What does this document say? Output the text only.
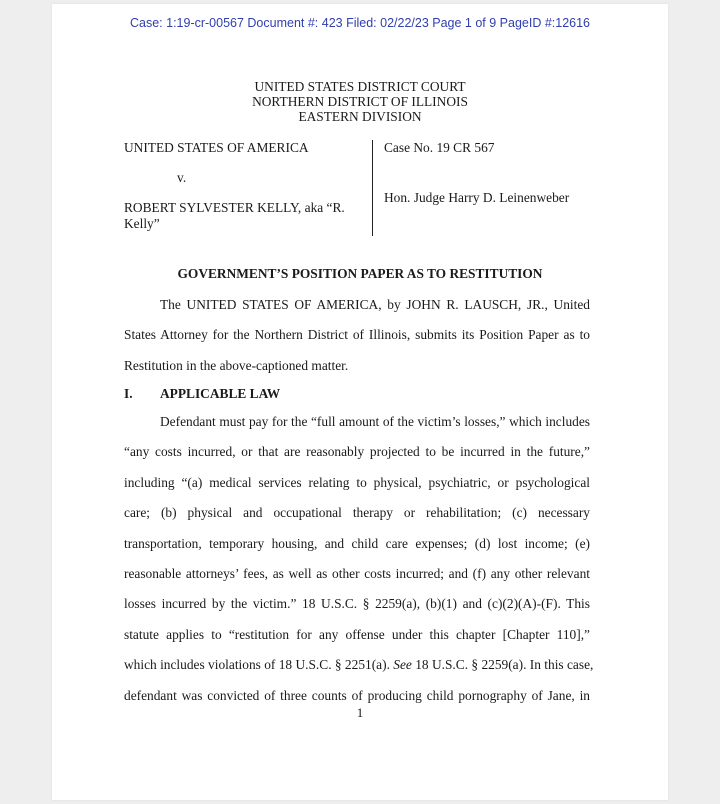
Case: 1:19-cr-00567 Document #: 423 Filed: 02/22/23 Page 1 of 9 PageID #:12616
UNITED STATES DISTRICT COURT
NORTHERN DISTRICT OF ILLINOIS
EASTERN DIVISION
UNITED STATES OF AMERICA
v.
ROBERT SYLVESTER KELLY, aka “R.
Kelly”
Case No. 19 CR 567
Hon. Judge Harry D. Leinenweber
GOVERNMENT’S POSITION PAPER AS TO RESTITUTION
The UNITED STATES OF AMERICA, by JOHN R. LAUSCH, JR., United
States Attorney for the Northern District of Illinois, submits its Position Paper as to
Restitution in the above-captioned matter.
I. APPLICABLE LAW
Defendant must pay for the “full amount of the victim’s losses,” which includes
“any costs incurred, or that are reasonably projected to be incurred in the future,”
including “(a) medical services relating to physical, psychiatric, or psychological
care; (b) physical and occupational therapy or rehabilitation; (c) necessary
transportation, temporary housing, and child care expenses; (d) lost income; (e)
reasonable attorneys’ fees, as well as other costs incurred; and (f) any other relevant
losses incurred by the victim.” 18 U.S.C. § 2259(a), (b)(1) and (c)(2)(A)-(F). This
statute applies to “restitution for any offense under this chapter [Chapter 110],”
which includes violations of 18 U.S.C. § 2251(a). See 18 U.S.C. § 2259(a). In this case,
defendant was convicted of three counts of producing child pornography of Jane, in
1
